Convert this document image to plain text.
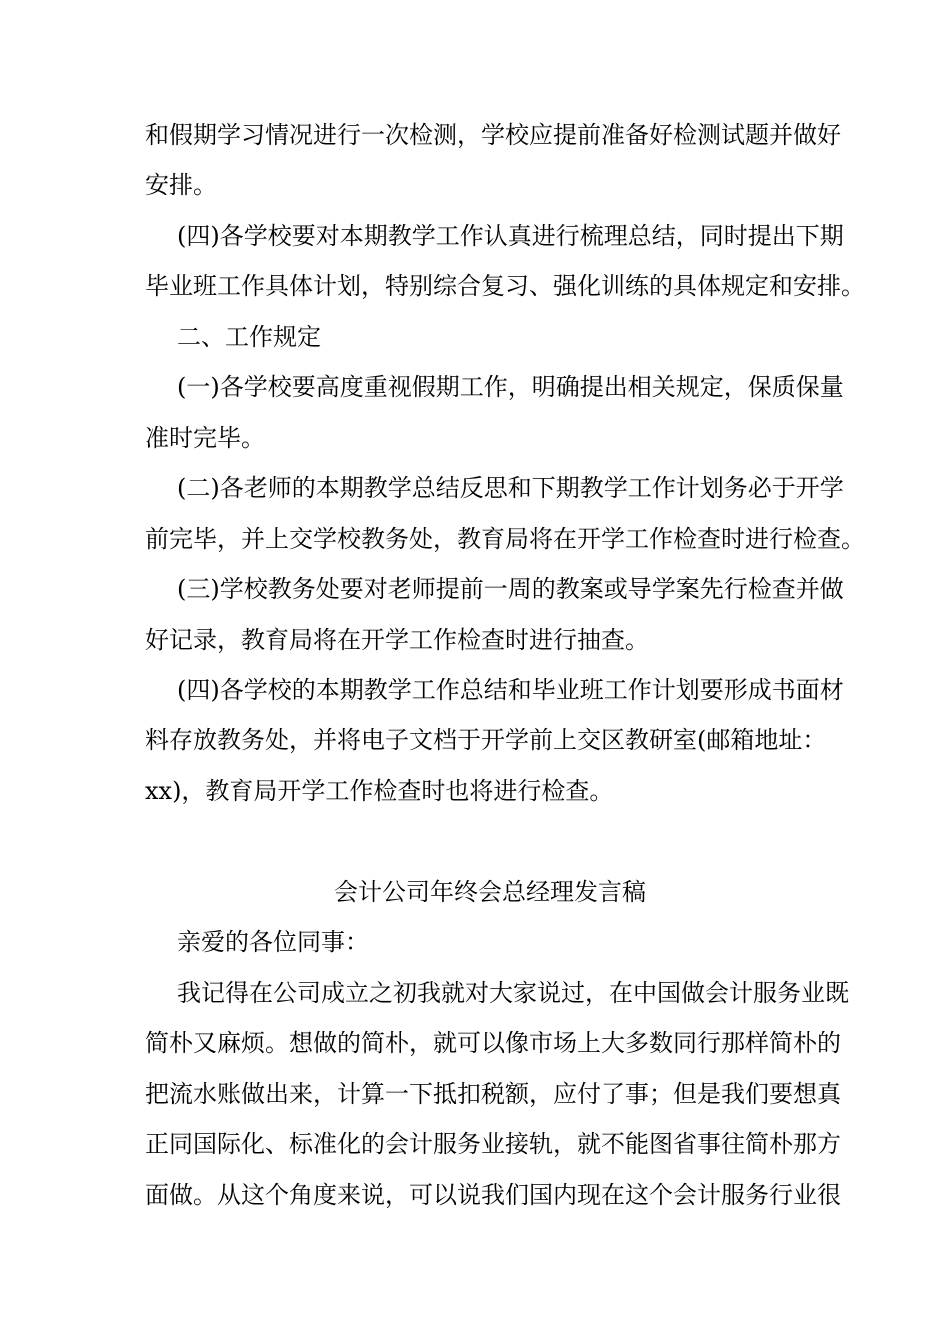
和假期学习情况进行一次检测，学校应提前准备好检测试题并做好
安排。
(四)各学校要对本期教学工作认真进行梳理总结，同时提出下期
毕业班工作具体计划，特别综合复习、强化训练的具体规定和安排。
二、工作规定
(一)各学校要高度重视假期工作，明确提出相关规定，保质保量
准时完毕。
(二)各老师的本期教学总结反思和下期教学工作计划务必于开学
前完毕，并上交学校教务处，教育局将在开学工作检查时进行检查。
(三)学校教务处要对老师提前一周的教案或导学案先行检查并做
好记录，教育局将在开学工作检查时进行抽查。
(四)各学校的本期教学工作总结和毕业班工作计划要形成书面材
料存放教务处，并将电子文档于开学前上交区教研室(邮箱地址：
xx)，教育局开学工作检查时也将进行检查。
会计公司年终会总经理发言稿
亲爱的各位同事：
我记得在公司成立之初我就对大家说过，在中国做会计服务业既
简朴又麻烦。想做的简朴，就可以像市场上大多数同行那样简朴的
把流水账做出来，计算一下抵扣税额，应付了事；但是我们要想真
正同国际化、标准化的会计服务业接轨，就不能图省事往简朴那方
面做。从这个角度来说，可以说我们国内现在这个会计服务行业很
